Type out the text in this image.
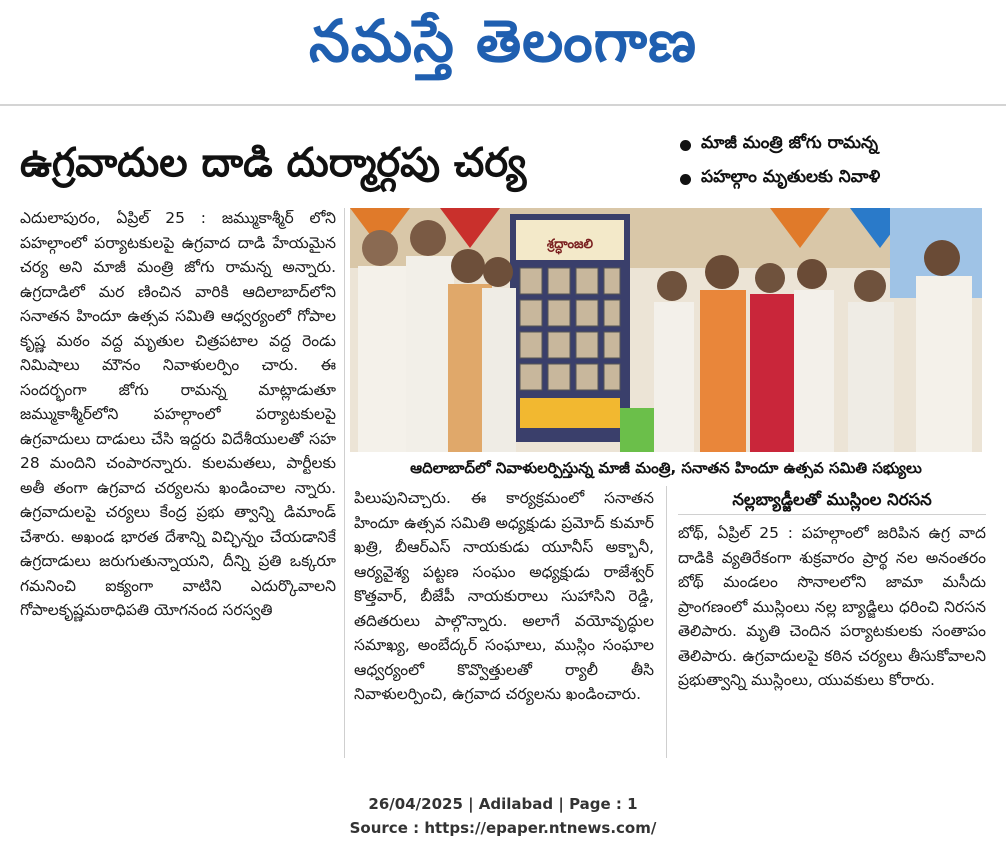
నమస్తే తెలంగాణ
ఉగ్రవాదుల దాడి దుర్మార్గపు చర్య	మాజీ మంత్రి జోగు రామన్న
పహల్గాం మృతులకు నివాళి
ఎదులాపురం, ఏప్రిల్ 25 : జమ్ముకాశ్మీర్ లోని పహల్గాంలో పర్యాటకులపై ఉగ్రవాద దాడి హేయమైన చర్య అని మాజీ మంత్రి జోగు రామన్న అన్నారు. ఉగ్రదాడిలో మర ణించిన వారికి ఆదిలాబాద్‌లోని సనాతన హిందూ ఉత్సవ సమితి ఆధ్వర్యంలో గోపాల కృష్ణ మఠం వద్ద మృతుల చిత్రపటాల వద్ద రెండు నిమిషాలు మౌనం నివాళులర్పిం చారు. ఈ సందర్భంగా జోగు రామన్న మాట్లాడుతూ జమ్ముకాశ్మీర్‌లోని పహల్గాంలో పర్యాటకులపై ఉగ్రవాదులు దాడులు చేసి ఇద్దరు విదేశీయులతో సహ 28 మందిని చంపారన్నారు. కులమతలు, పార్టీలకు అతీ తంగా ఉగ్రవాద చర్యలను ఖండించాల న్నారు. ఉగ్రవాదులపై చర్యలు కేంద్ర ప్రభు త్వాన్ని డిమాండ్ చేశారు. అఖండ భారత దేశాన్ని విచ్ఛిన్నం చేయడానికే ఉగ్రదాడులు జరుగుతున్నాయని, దీన్ని ప్రతి ఒక్కరూ గమనించి ఐక్యంగా వాటిని ఎదుర్కొవాలని గోపాలకృష్ణమఠాధిపతి యోగనంద సరస్వతి
శ్రద్ధాంజలి
ఆదిలాబాద్‌లో నివాళులర్పిస్తున్న మాజీ మంత్రి, సనాతన హిందూ ఉత్సవ సమితి సభ్యులు
పిలుపునిచ్చారు. ఈ కార్యక్రమంలో సనాతన హిందూ ఉత్సవ సమితి అధ్యక్షుడు ప్రమోద్ కుమార్ ఖత్రి, బీఆర్ఎస్ నాయకుడు యూనీస్ అక్బానీ, ఆర్యవైశ్య పట్టణ సంఘం అధ్యక్షుడు రాజేశ్వర్ కొత్తవార్, బీజేపీ నాయకురాలు సుహాసిని రెడ్డి, తదితరులు పాల్గొన్నారు. అలాగే వయోవృద్ధుల సమాఖ్య, అంబేద్కర్ సంఘాలు, ముస్లిం సంఘాల ఆధ్వర్యంలో కొవ్వొత్తులతో ర్యాలీ తీసి నివాళులర్పించి, ఉగ్రవాద చర్యలను ఖండించారు.
నల్లబ్యాడ్జీలతో ముస్లింల నిరసన
బోథ్, ఏప్రిల్ 25 : పహల్గాంలో జరిపిన ఉగ్ర వాద దాడికి వ్యతిరేకంగా శుక్రవారం ప్రార్థ నల అనంతరం బోథ్ మండలం సొనాలలోని జామా మసీదు ప్రాంగణంలో ముస్లింలు నల్ల బ్యాడ్జిలు ధరించి నిరసన తెలిపారు. మృతి చెందిన పర్యాటకులకు సంతాపం తెలిపారు. ఉగ్రవాదులపై కఠిన చర్యలు తీసుకోవాలని ప్రభుత్వాన్ని ముస్లింలు, యువకులు కోరారు.
26/04/2025 | Adilabad | Page : 1
Source : https://epaper.ntnews.com/
